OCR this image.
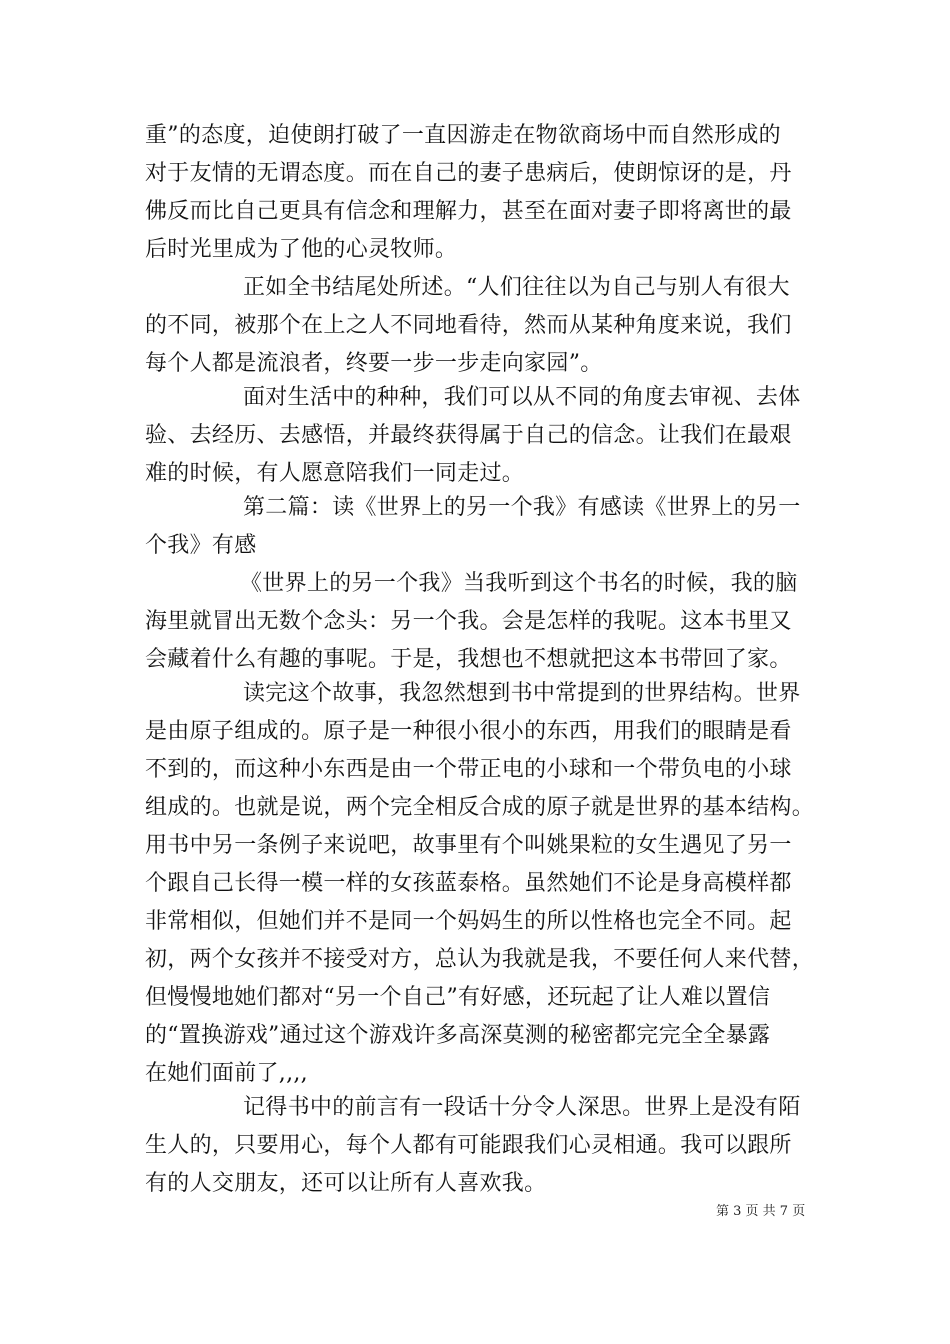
重”的态度，迫使朗打破了一直因游走在物欲商场中而自然形成的
对于友情的无谓态度。而在自己的妻子患病后，使朗惊讶的是，丹
佛反而比自己更具有信念和理解力，甚至在面对妻子即将离世的最
后时光里成为了他的心灵牧师。
正如全书结尾处所述。“人们往往以为自己与别人有很大
的不同，被那个在上之人不同地看待，然而从某种角度来说，我们
每个人都是流浪者，终要一步一步走向家园”。
面对生活中的种种，我们可以从不同的角度去审视、去体
验、去经历、去感悟，并最终获得属于自己的信念。让我们在最艰
难的时候，有人愿意陪我们一同走过。
第二篇：读《世界上的另一个我》有感读《世界上的另一
个我》有感
《世界上的另一个我》当我听到这个书名的时候，我的脑
海里就冒出无数个念头：另一个我。会是怎样的我呢。这本书里又
会藏着什么有趣的事呢。于是，我想也不想就把这本书带回了家。
读完这个故事，我忽然想到书中常提到的世界结构。世界
是由原子组成的。原子是一种很小很小的东西，用我们的眼睛是看
不到的，而这种小东西是由一个带正电的小球和一个带负电的小球
组成的。也就是说，两个完全相反合成的原子就是世界的基本结构。
用书中另一条例子来说吧，故事里有个叫姚果粒的女生遇见了另一
个跟自己长得一模一样的女孩蓝泰格。虽然她们不论是身高模样都
非常相似，但她们并不是同一个妈妈生的所以性格也完全不同。起
初，两个女孩并不接受对方，总认为我就是我，不要任何人来代替，
但慢慢地她们都对“另一个自己”有好感，还玩起了让人难以置信
的“置换游戏”通过这个游戏许多高深莫测的秘密都完完全全暴露
在她们面前了,,,,
记得书中的前言有一段话十分令人深思。世界上是没有陌
生人的，只要用心，每个人都有可能跟我们心灵相通。我可以跟所
有的人交朋友，还可以让所有人喜欢我。
第 3 页 共 7 页
